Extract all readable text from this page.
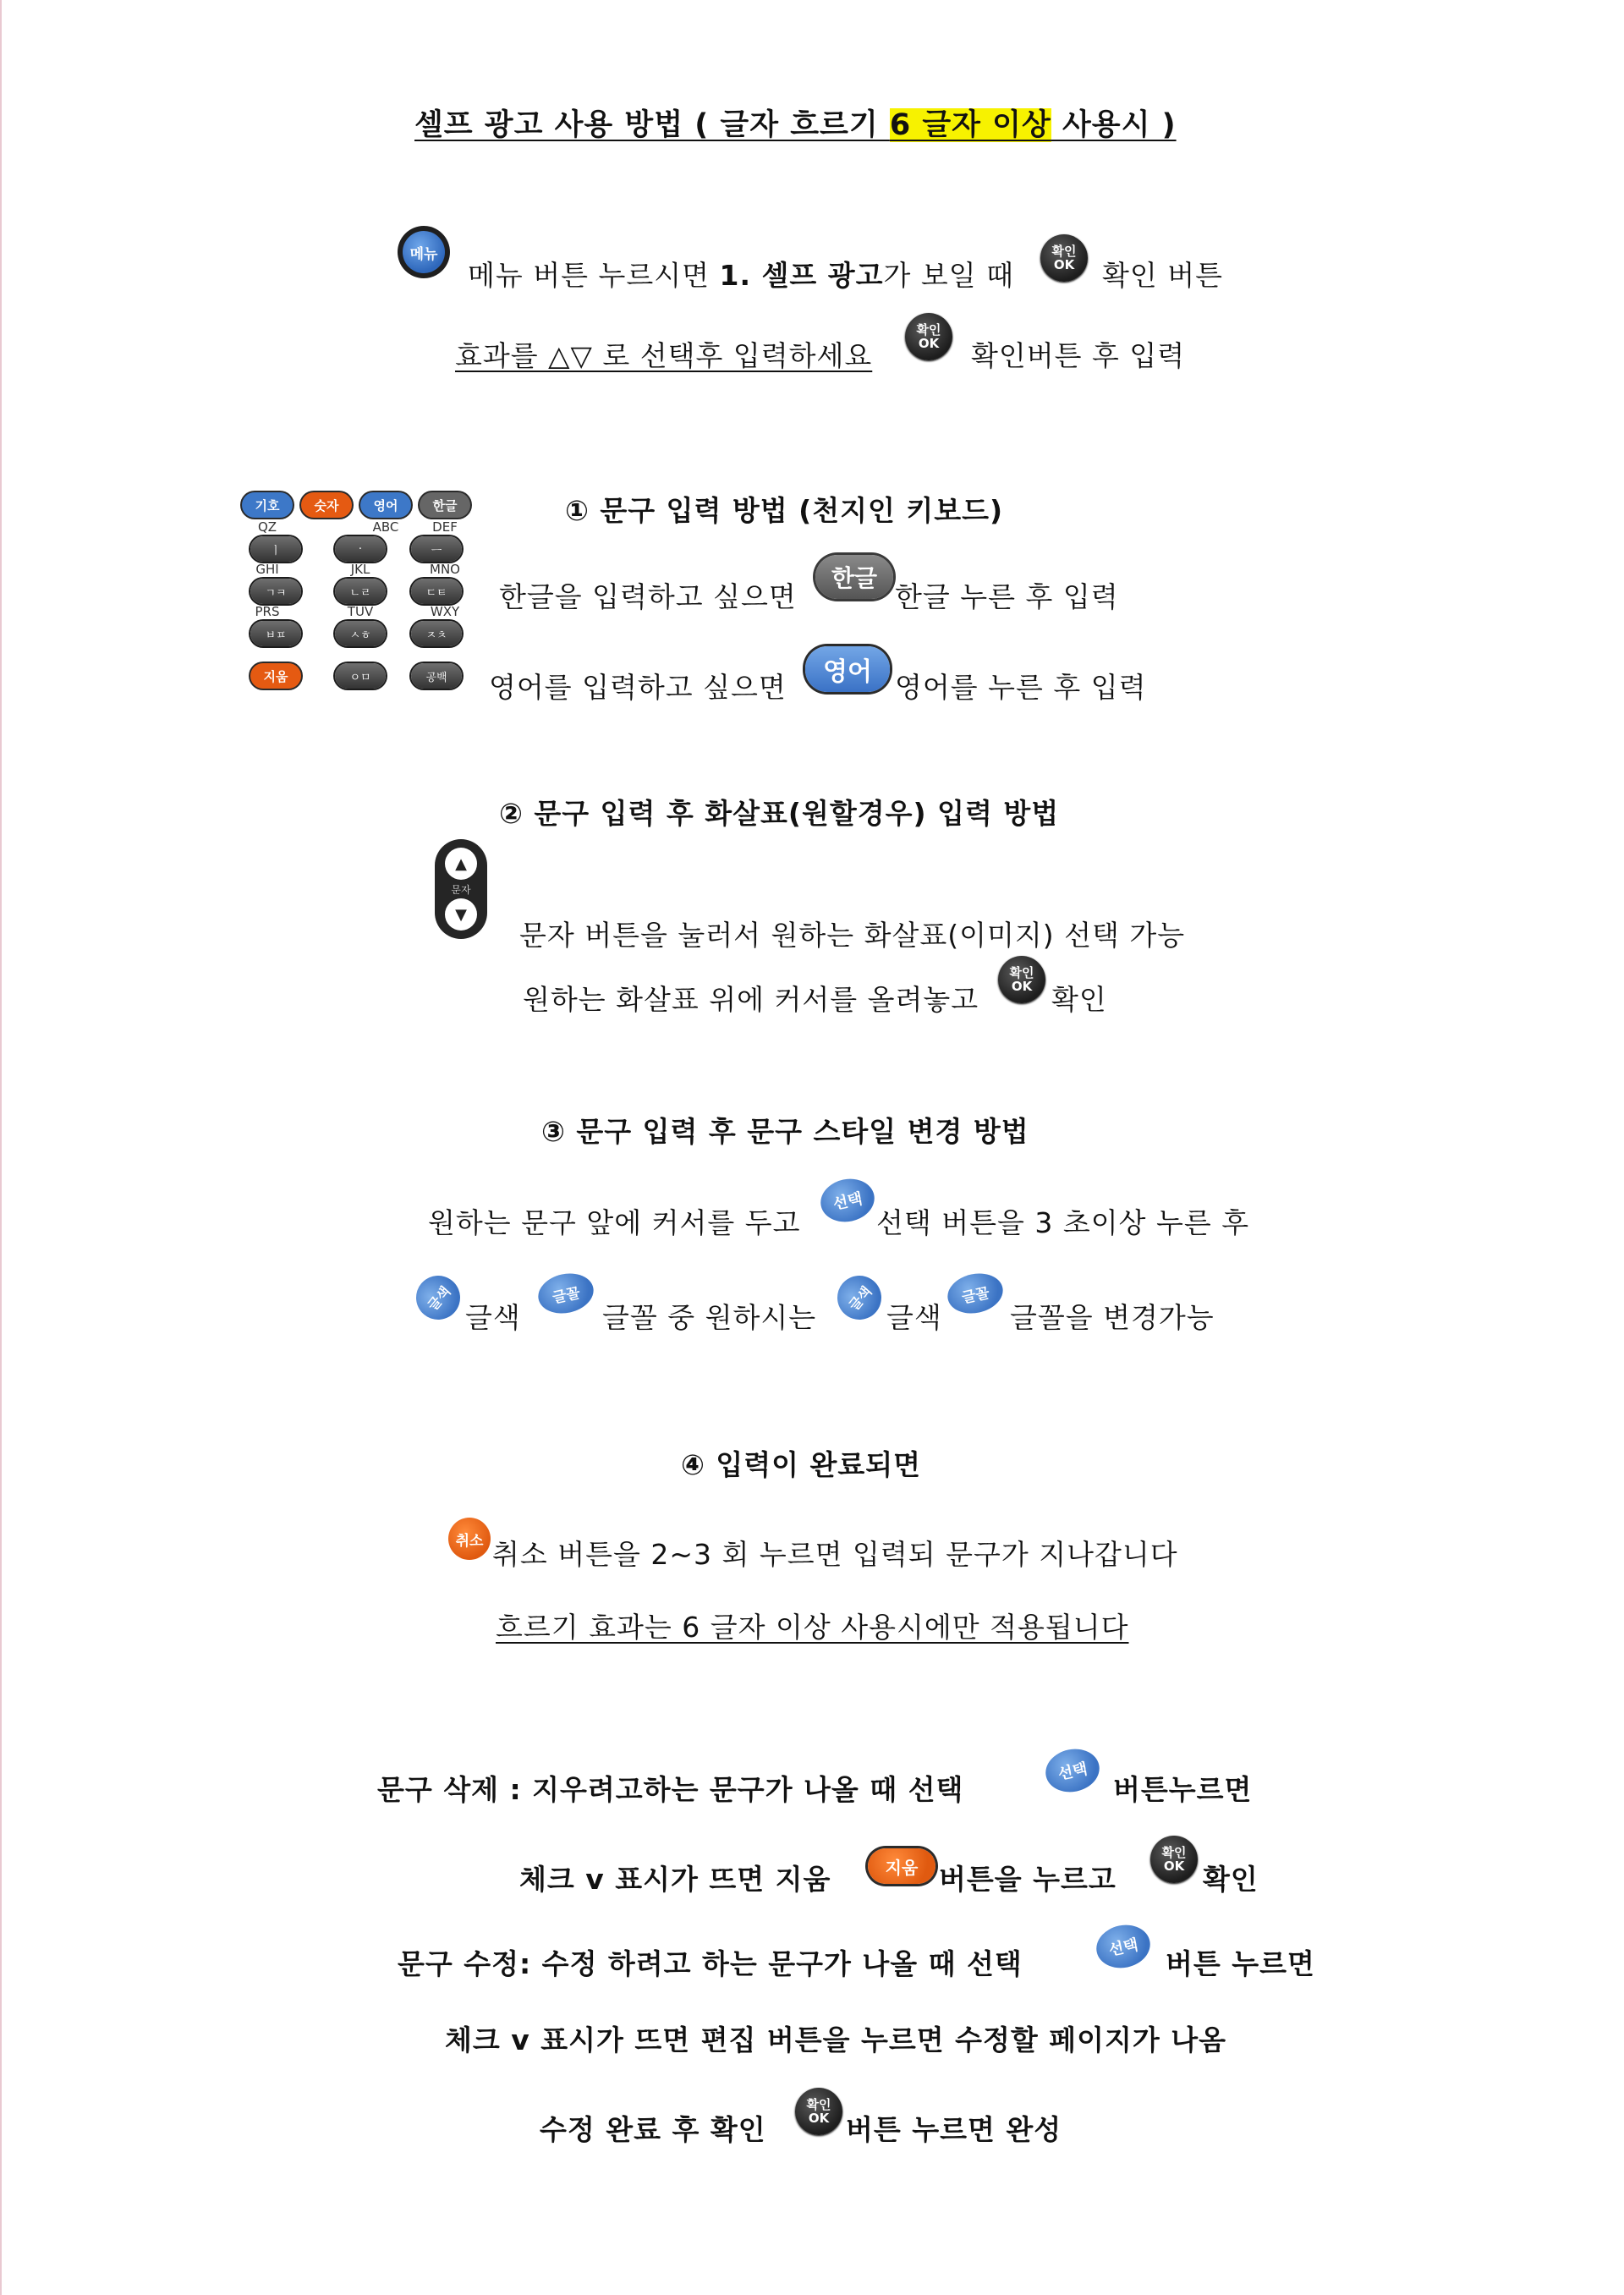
셀프 광고 사용 방법 ( 글자 흐르기 6 글자 이상 사용시 )
메뉴
메뉴 버튼 누르시면 1. 셀프 광고가 보일 때
확인
OK 확인 버튼
효과를 △▽ 로 선택후 입력하세요
확인
OK 확인버튼 후 입력
기호	숫자	영어	한글
QZ	ABC	DEF
ㅣ	·	ㅡ
GHI	JKL	MNO
ㄱㅋ	ㄴㄹ	ㄷㅌ
PRS	TUV	WXY
ㅂㅍ	ㅅㅎ	ㅈㅊ
지움	ㅇㅁ	공백
① 문구 입력 방법 (천지인 키보드)
한글을 입력하고 싶으면
한글
한글 누른 후 입력
영어를 입력하고 싶으면	영어 영어를 누른 후 입력
② 문구 입력 후 화살표(원할경우) 입력 방법
▲
문자
▼
문자 버튼을 눌러서 원하는 화살표(이미지) 선택 가능
원하는 화살표 위에 커서를 올려놓고
확인
OK 확인
③ 문구 입력 후 문구 스타일 변경 방법
원하는 문구 앞에 커서를 두고
선택
선택 버튼을 3 초이상 누른 후
글색
글색
글꼴
글꼴 중 원하시는
글색
글색
글꼴
글꼴을 변경가능
④ 입력이 완료되면
취소 취소 버튼을 2~3 회 누르면 입력되 문구가 지나갑니다
흐르기 효과는 6 글자 이상 사용시에만 적용됩니다
문구 삭제 : 지우려고하는 문구가 나올 때 선택
선택
버튼누르면
체크 v 표시가 뜨면 지움	지움 버튼을 누르고
확인
OK 확인
문구 수정: 수정 하려고 하는 문구가 나올 때 선택	선택 버튼 누르면
체크 v 표시가 뜨면 편집 버튼을 누르면 수정할 페이지가 나옴
수정 완료 후 확인
확인
OK 버튼 누르면 완성
